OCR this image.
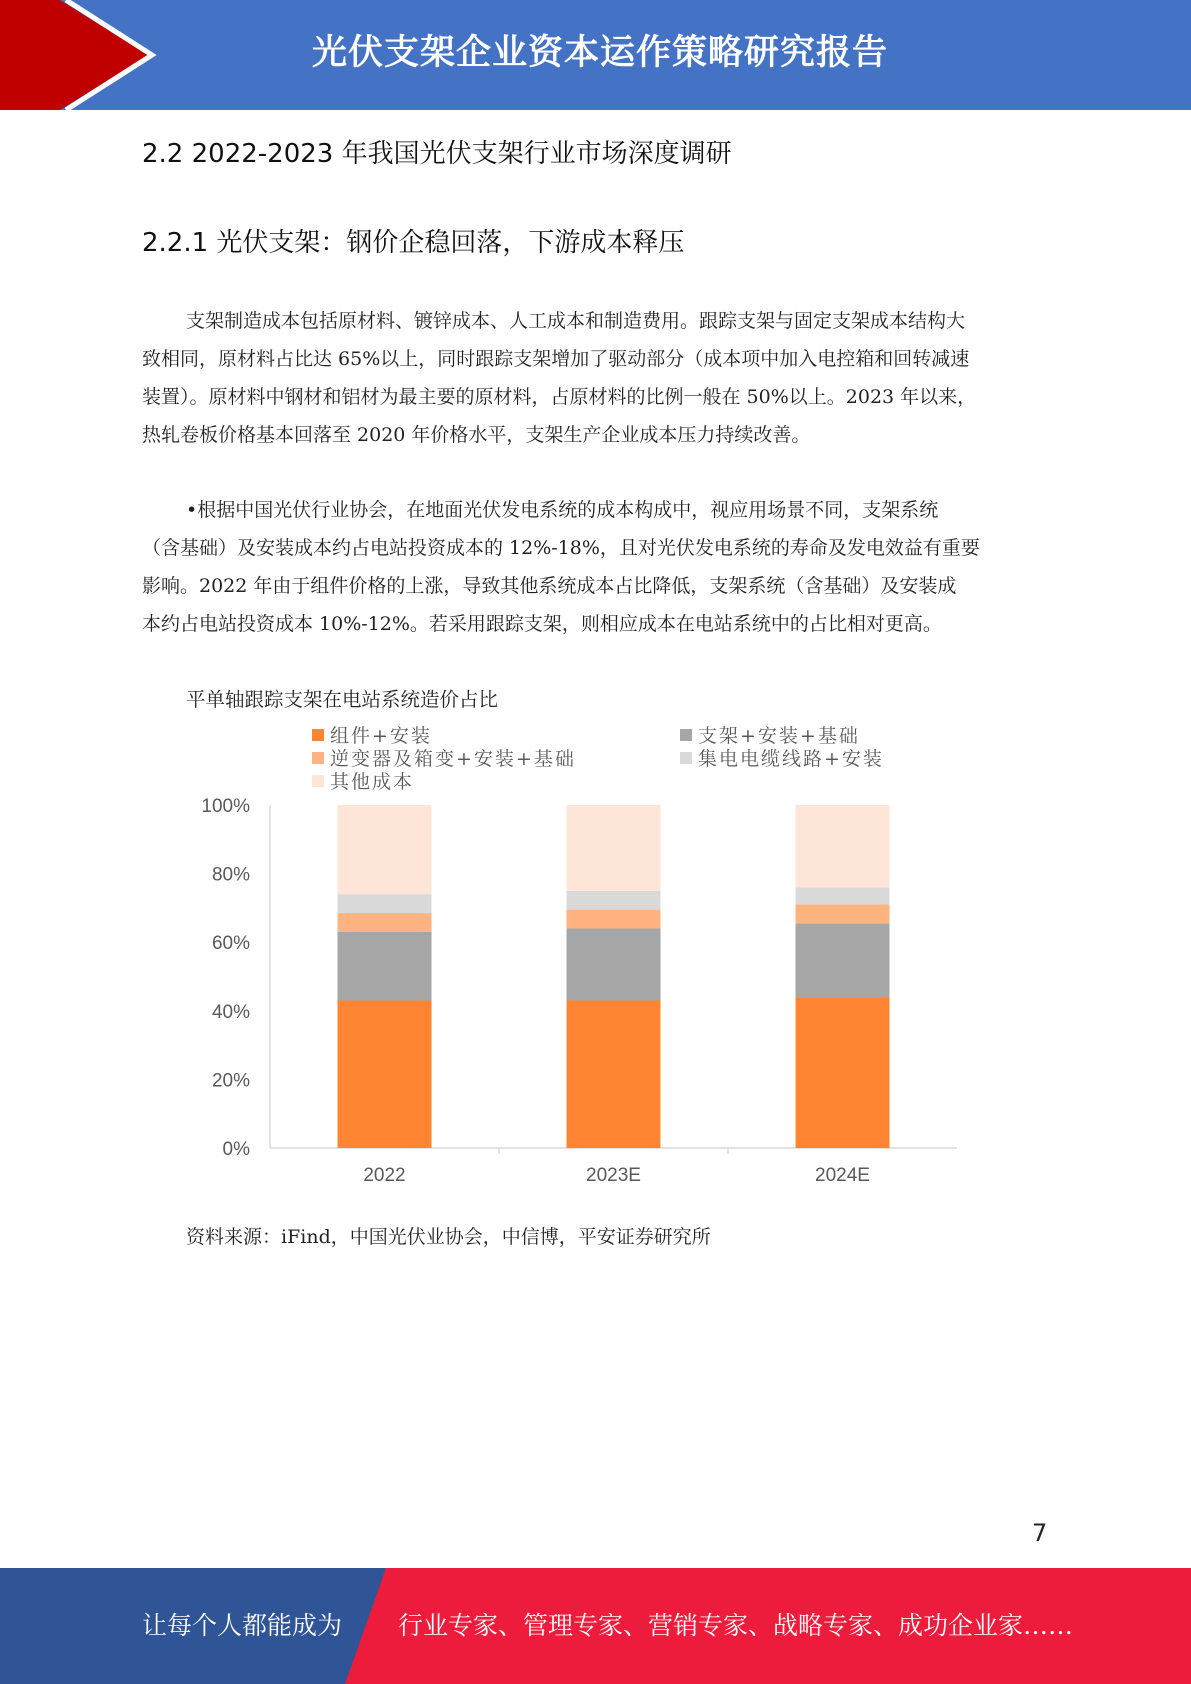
光伏支架企业资本运作策略研究报告
2.2 2022-2023 年我国光伏支架行业市场深度调研
2.2.1 光伏支架：钢价企稳回落，下游成本释压
支架制造成本包括原材料、镀锌成本、人工成本和制造费用。跟踪支架与固定支架成本结构大
致相同，原材料占比达 65%以上，同时跟踪支架增加了驱动部分（成本项中加入电控箱和回转减速
装置）。原材料中钢材和铝材为最主要的原材料，占原材料的比例一般在 50%以上。2023 年以来，
热轧卷板价格基本回落至 2020 年价格水平，支架生产企业成本压力持续改善。
•根据中国光伏行业协会，在地面光伏发电系统的成本构成中，视应用场景不同，支架系统
（含基础）及安装成本约占电站投资成本的 12%-18%，且对光伏发电系统的寿命及发电效益有重要
影响。2022 年由于组件价格的上涨，导致其他系统成本占比降低，支架系统（含基础）及安装成
本约占电站投资成本 10%-12%。若采用跟踪支架，则相应成本在电站系统中的占比相对更高。
平单轴跟踪支架在电站系统造价占比
组件+安装	支架+安装+基础
逆变器及箱变+安装+基础	集电电缆线路+安装
其他成本
100%
80%
60%
40%
20%
0%
2022	2023E	2024E
资料来源：iFind，中国光伏业协会，中信博，平安证券研究所
7
让每个人都能成为 行业专家、管理专家、营销专家、战略专家、成功企业家……
